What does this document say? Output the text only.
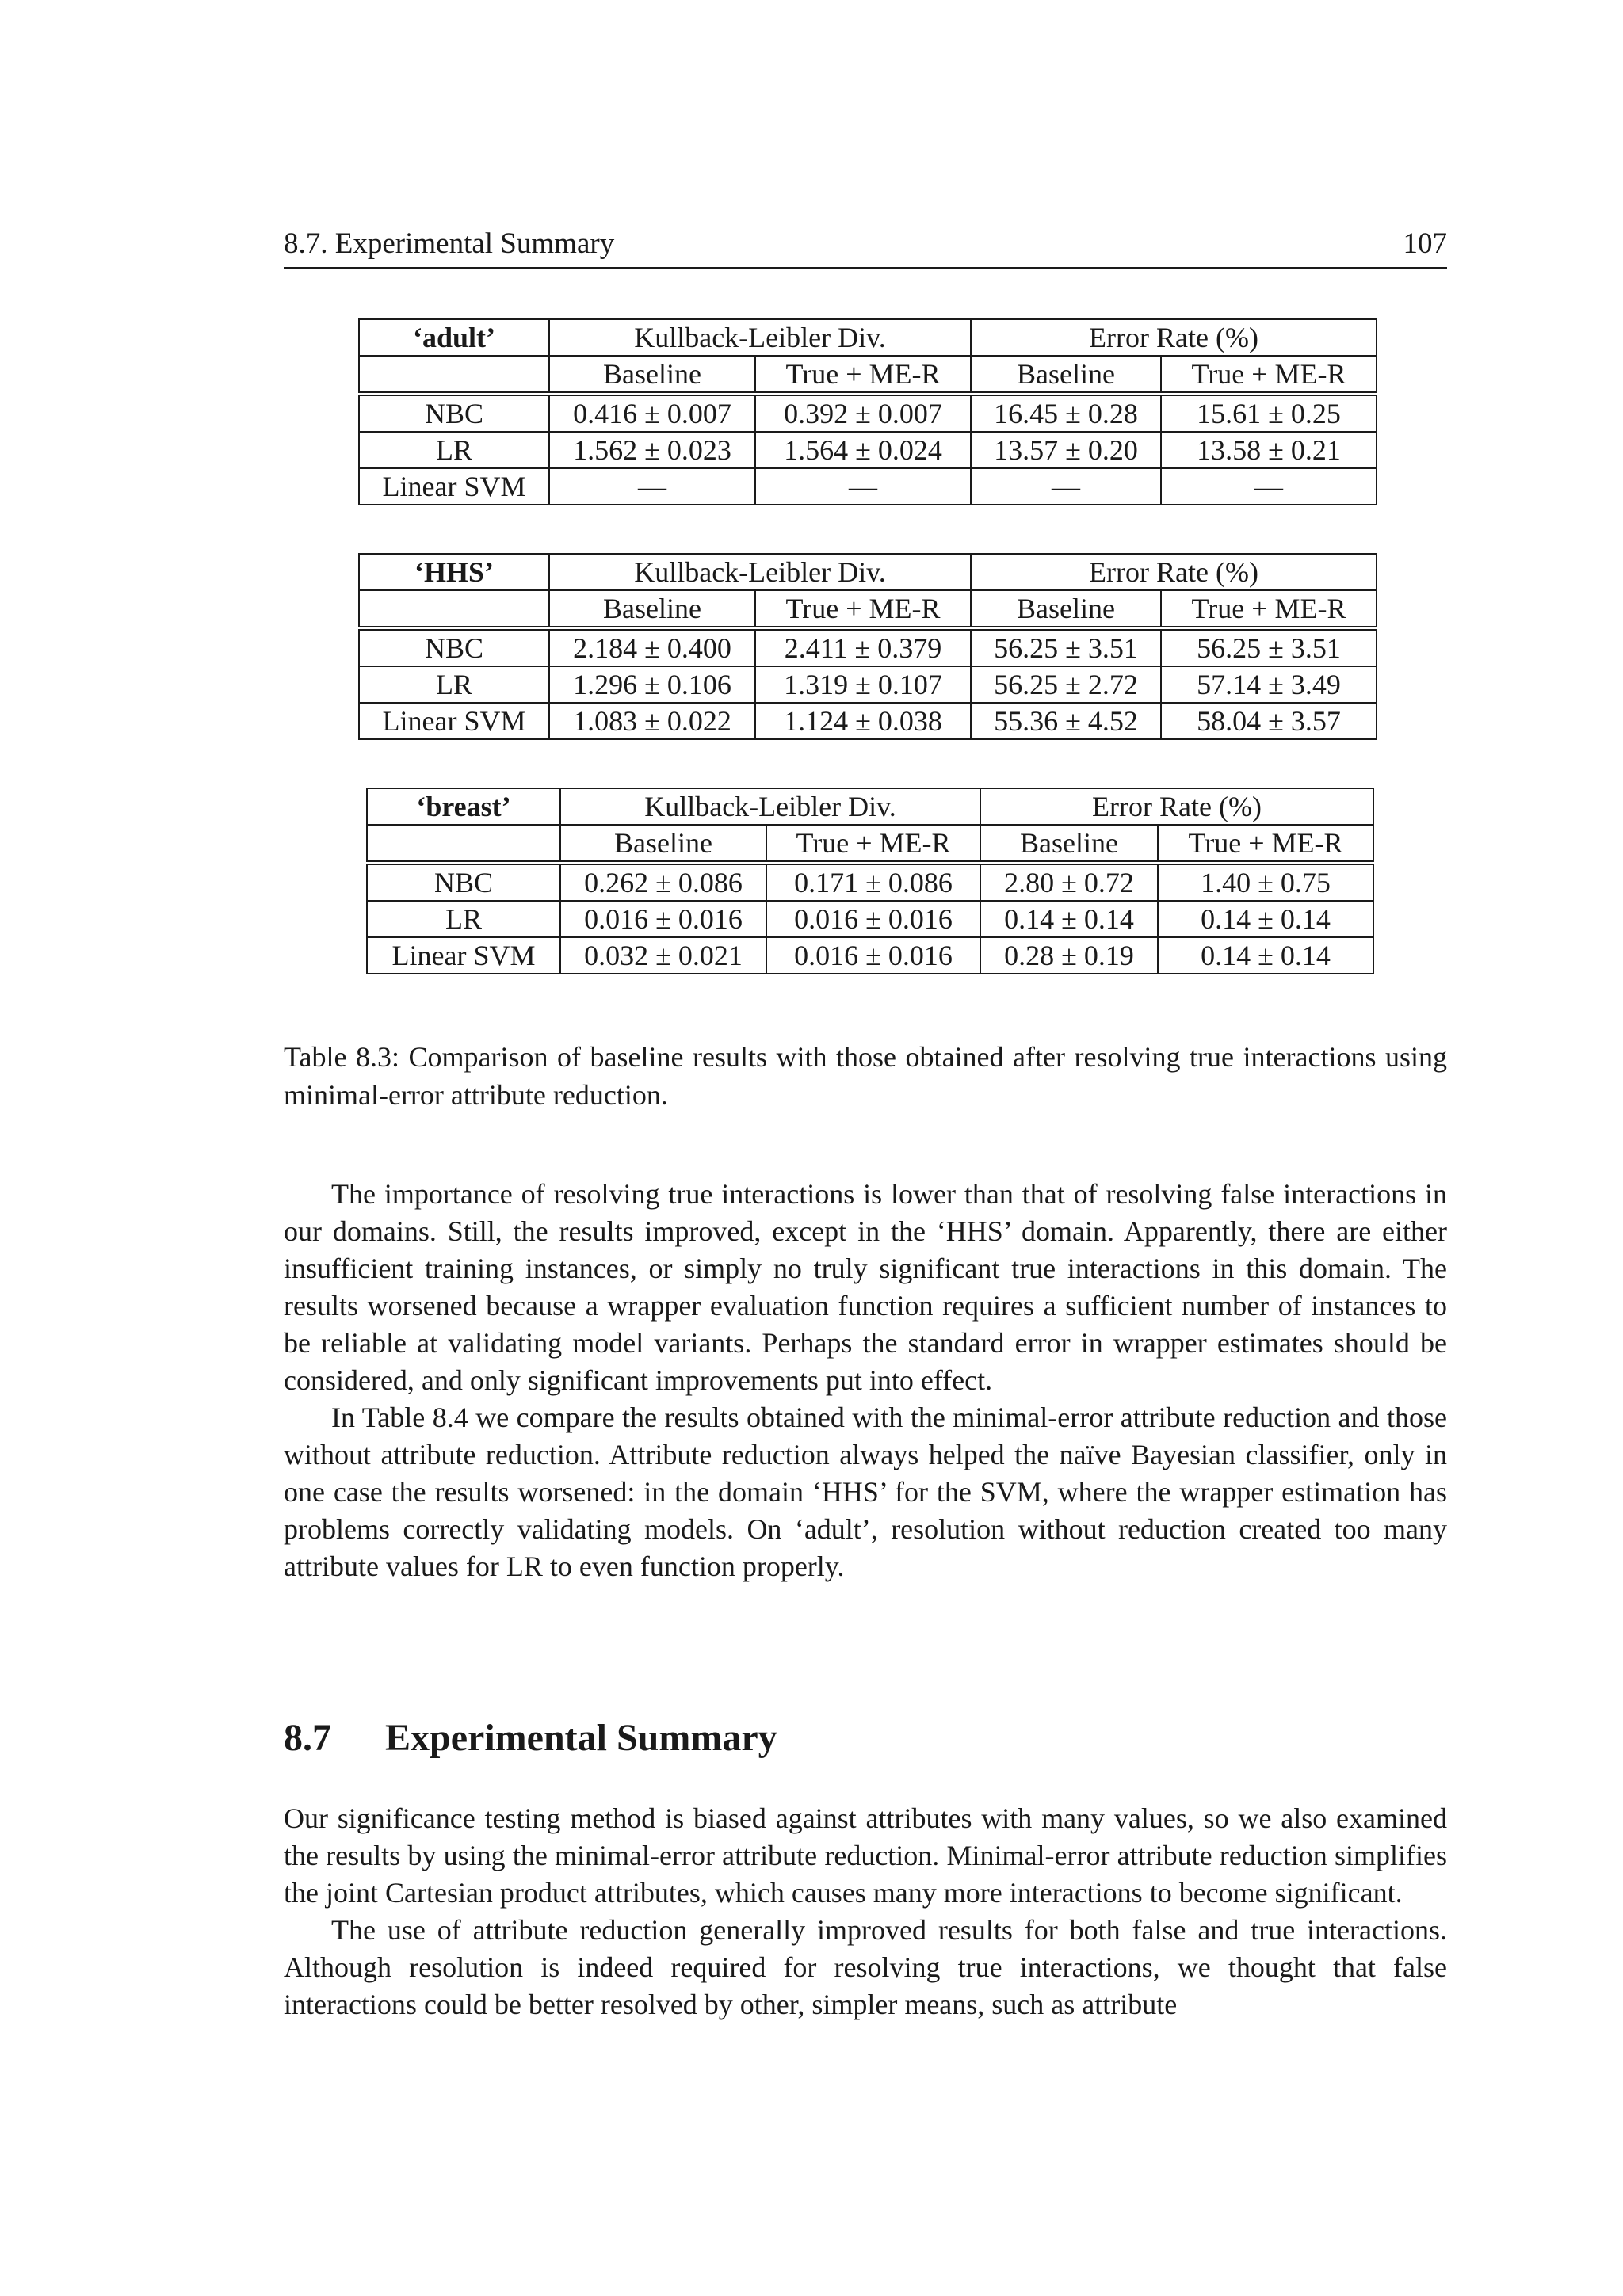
8.7. Experimental Summary	107
‘adult’	Kullback-Leibler Div.		Error Rate (%)	
	Baseline	True + ME-R	Baseline	True + ME-R
NBC	0.416 ± 0.007	0.392 ± 0.007	16.45 ± 0.28	15.61 ± 0.25
LR	1.562 ± 0.023	1.564 ± 0.024	13.57 ± 0.20	13.58 ± 0.21
Linear SVM	—	—	—	—
‘HHS’	Kullback-Leibler Div.		Error Rate (%)	
	Baseline	True + ME-R	Baseline	True + ME-R
NBC	2.184 ± 0.400	2.411 ± 0.379	56.25 ± 3.51	56.25 ± 3.51
LR	1.296 ± 0.106	1.319 ± 0.107	56.25 ± 2.72	57.14 ± 3.49
Linear SVM	1.083 ± 0.022	1.124 ± 0.038	55.36 ± 4.52	58.04 ± 3.57
‘breast’	Kullback-Leibler Div.		Error Rate (%)	
	Baseline	True + ME-R	Baseline	True + ME-R
NBC	0.262 ± 0.086	0.171 ± 0.086	2.80 ± 0.72	1.40 ± 0.75
LR	0.016 ± 0.016	0.016 ± 0.016	0.14 ± 0.14	0.14 ± 0.14
Linear SVM	0.032 ± 0.021	0.016 ± 0.016	0.28 ± 0.19	0.14 ± 0.14
Table 8.3: Comparison of baseline results with those obtained after resolving true interactions using minimal-error attribute reduction.

The importance of resolving true interactions is lower than that of resolving false interactions in our domains. Still, the results improved, except in the ‘HHS’ domain. Apparently, there are either insufficient training instances, or simply no truly significant true interactions in this domain. The results worsened because a wrapper evaluation function requires a sufficient number of instances to be reliable at validating model variants. Perhaps the standard error in wrapper estimates should be considered, and only significant improvements put into effect.

In Table 8.4 we compare the results obtained with the minimal-error attribute reduction and those without attribute reduction. Attribute reduction always helped the naïve Bayesian classifier, only in one case the results worsened: in the domain ‘HHS’ for the SVM, where the wrapper estimation has problems correctly validating models. On ‘adult’, resolution without reduction created too many attribute values for LR to even function properly.

8.7 Experimental Summary

Our significance testing method is biased against attributes with many values, so we also examined the results by using the minimal-error attribute reduction. Minimal-error attribute reduction simplifies the joint Cartesian product attributes, which causes many more interactions to become significant.

The use of attribute reduction generally improved results for both false and true interactions. Although resolution is indeed required for resolving true interactions, we thought that false interactions could be better resolved by other, simpler means, such as attribute
